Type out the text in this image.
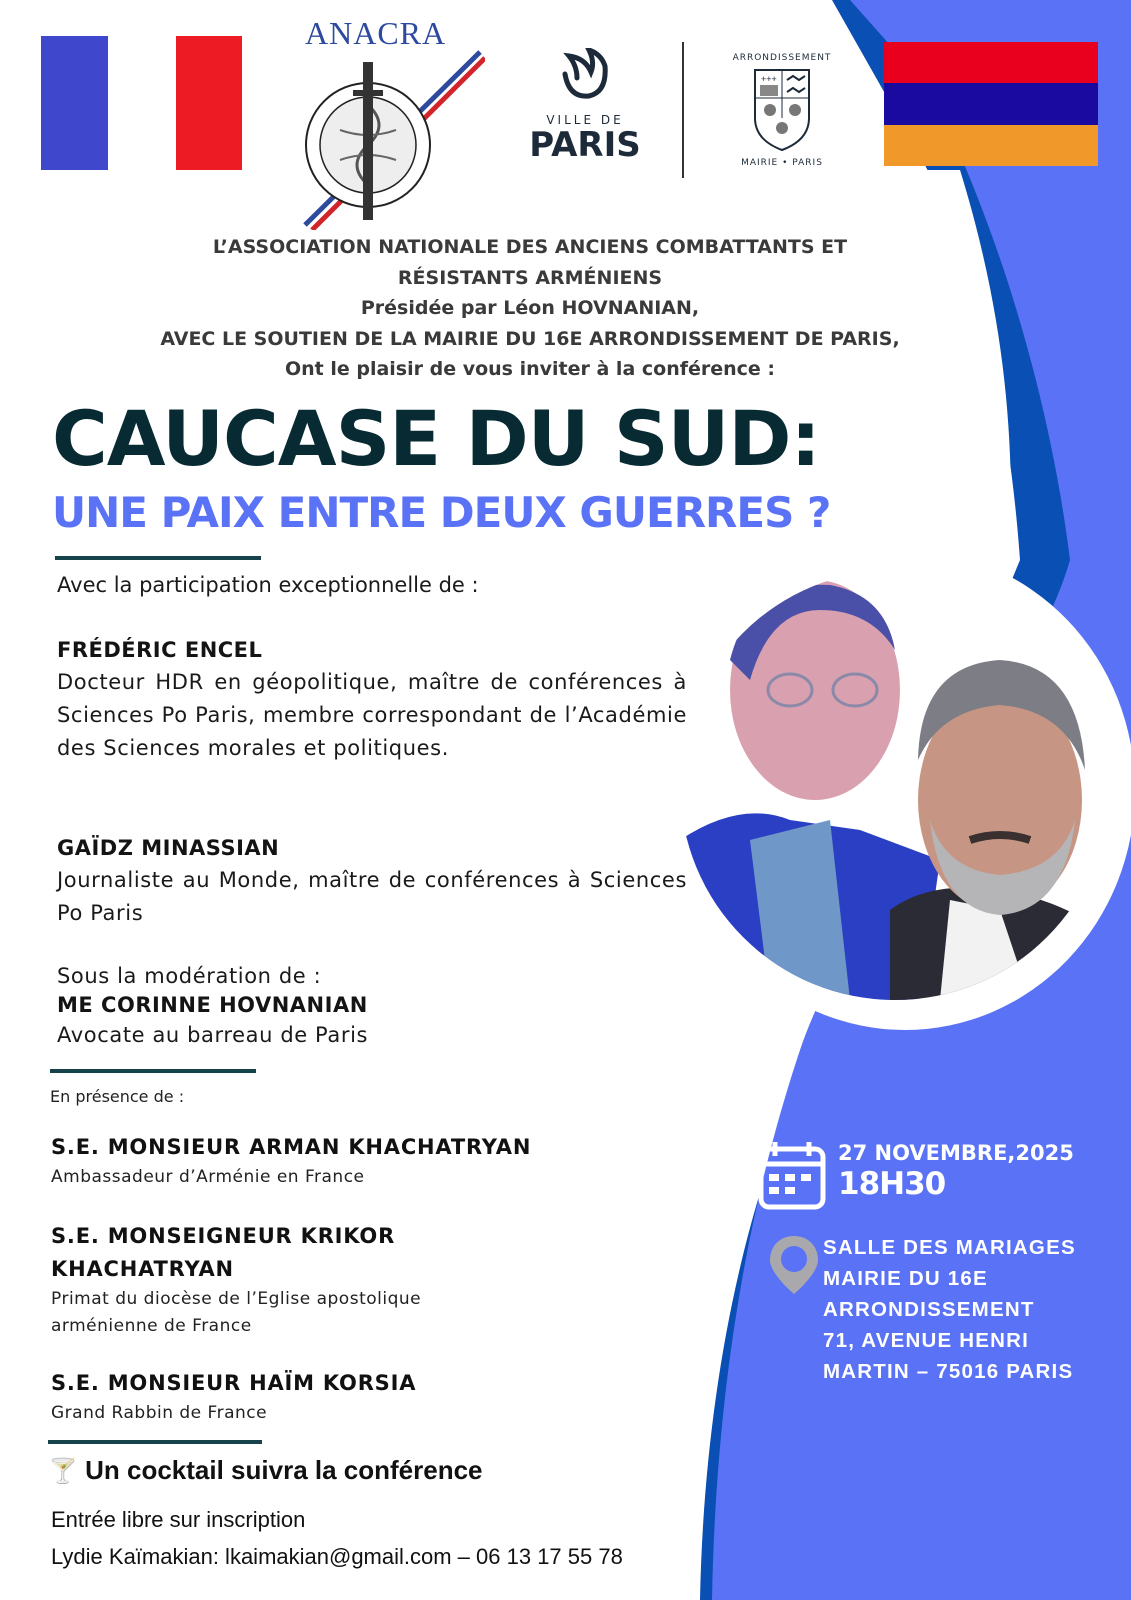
ANACRA
VILLE DE
PARIS
ARRONDISSEMENT
MAIRIE • PARIS
+++
L’ASSOCIATION NATIONALE DES ANCIENS COMBATTANTS ET
RÉSISTANTS ARMÉNIENS
Présidée par Léon HOVNANIAN,
AVEC LE SOUTIEN DE LA MAIRIE DU 16E ARRONDISSEMENT DE PARIS,
Ont le plaisir de vous inviter à la conférence :
CAUCASE DU SUD:
UNE PAIX ENTRE DEUX GUERRES ?
Avec la participation exceptionnelle de :
FRÉDÉRIC ENCEL
Docteur HDR en géopolitique, maître de conférences à Sciences Po Paris, membre correspondant de l’Académie des Sciences morales et politiques.
GAÏDZ MINASSIAN
Journaliste au Monde, maître de conférences à Sciences Po Paris
Sous la modération de :
ME CORINNE HOVNANIAN
Avocate au barreau de Paris
En présence de :
S.E. MONSIEUR ARMAN KHACHATRYAN
Ambassadeur d’Arménie en France
S.E. MONSEIGNEUR KRIKOR
KHACHATRYAN
Primat du diocèse de l’Eglise apostolique
arménienne de France
S.E. MONSIEUR HAÏM KORSIA
Grand Rabbin de France
🍸 Un cocktail suivra la conférence
Entrée libre sur inscription
Lydie Kaïmakian: lkaimakian@gmail.com – 06 13 17 55 78
27 NOVEMBRE,2025
18H30
SALLE DES MARIAGES
MAIRIE DU 16E
ARRONDISSEMENT
71, AVENUE HENRI
MARTIN – 75016 PARIS
